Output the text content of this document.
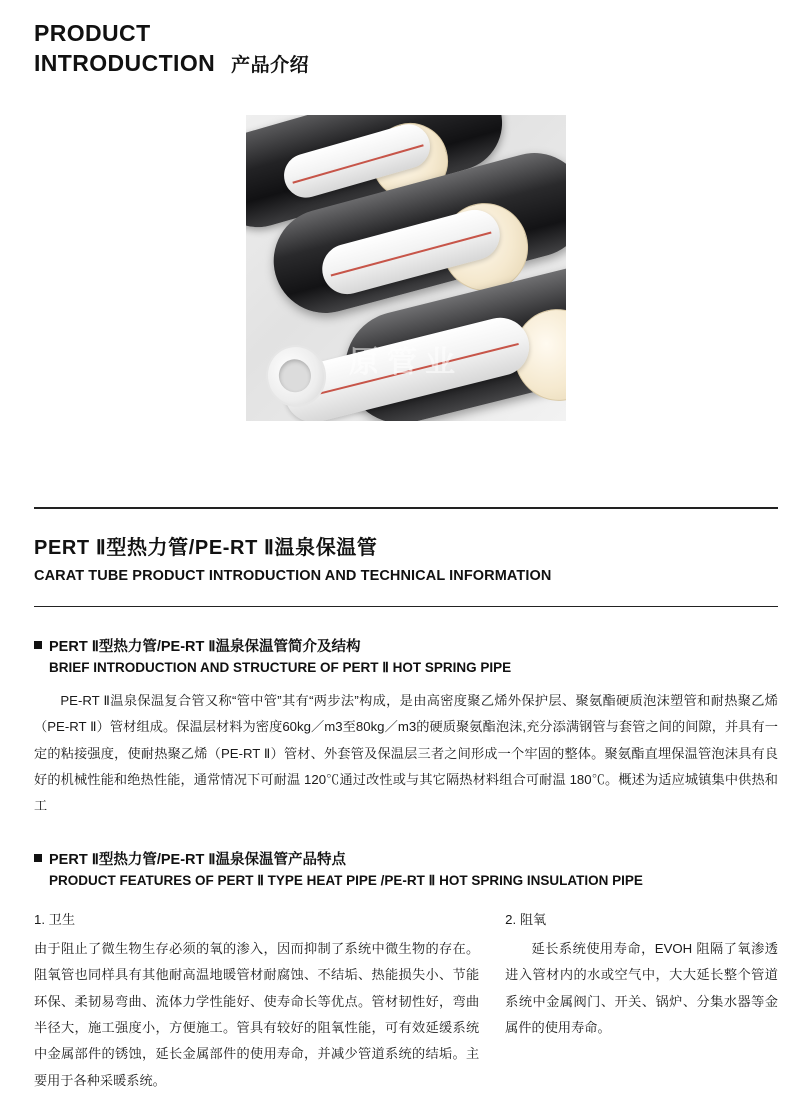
PRODUCT
INTRODUCTION 产品介绍
原管业
PERT Ⅱ型热力管/PE-RT Ⅱ温泉保温管
CARAT TUBE PRODUCT INTRODUCTION AND TECHNICAL INFORMATION
PERT Ⅱ型热力管/PE-RT Ⅱ温泉保温管简介及结构
BRIEF INTRODUCTION AND STRUCTURE OF PERT Ⅱ HOT SPRING PIPE
PE-RT Ⅱ温泉保温复合管又称“管中管”其有“两步法”构成，是由高密度聚乙烯外保护层、聚氨酯硬质泡沫塑管和耐热聚乙烯（PE-RT Ⅱ）管材组成。保温层材料为密度60kg／m3至80kg／m3的硬质聚氨酯泡沫,充分添满钢管与套管之间的间隙，并具有一定的粘接强度，使耐热聚乙烯（PE-RT Ⅱ）管材、外套管及保温层三者之间形成一个牢固的整体。聚氨酯直埋保温管泡沫具有良好的机械性能和绝热性能，通常情况下可耐温 120℃通过改性或与其它隔热材料组合可耐温 180℃。概述为适应城镇集中供热和工
PERT Ⅱ型热力管/PE-RT Ⅱ温泉保温管产品特点
PRODUCT FEATURES OF PERT Ⅱ TYPE HEAT PIPE /PE-RT Ⅱ HOT SPRING INSULATION PIPE
1. 卫生
由于阻止了微生物生存必须的氧的渗入，因而抑制了系统中微生物的存在。阻氧管也同样具有其他耐高温地暖管材耐腐蚀、不结垢、热能损失小、节能环保、柔韧易弯曲、流体力学性能好、使寿命长等优点。管材韧性好，弯曲半径大，施工强度小，方便施工。管具有较好的阻氧性能，可有效延缓系统中金属部件的锈蚀，延长金属部件的使用寿命，并减少管道系统的结垢。主要用于各种采暖系统。
2. 阻氧
延长系统使用寿命，EVOH 阻隔了氧渗透进入管材内的水或空气中，大大延长整个管道系统中金属阀门、开关、锅炉、分集水器等金属件的使用寿命。
